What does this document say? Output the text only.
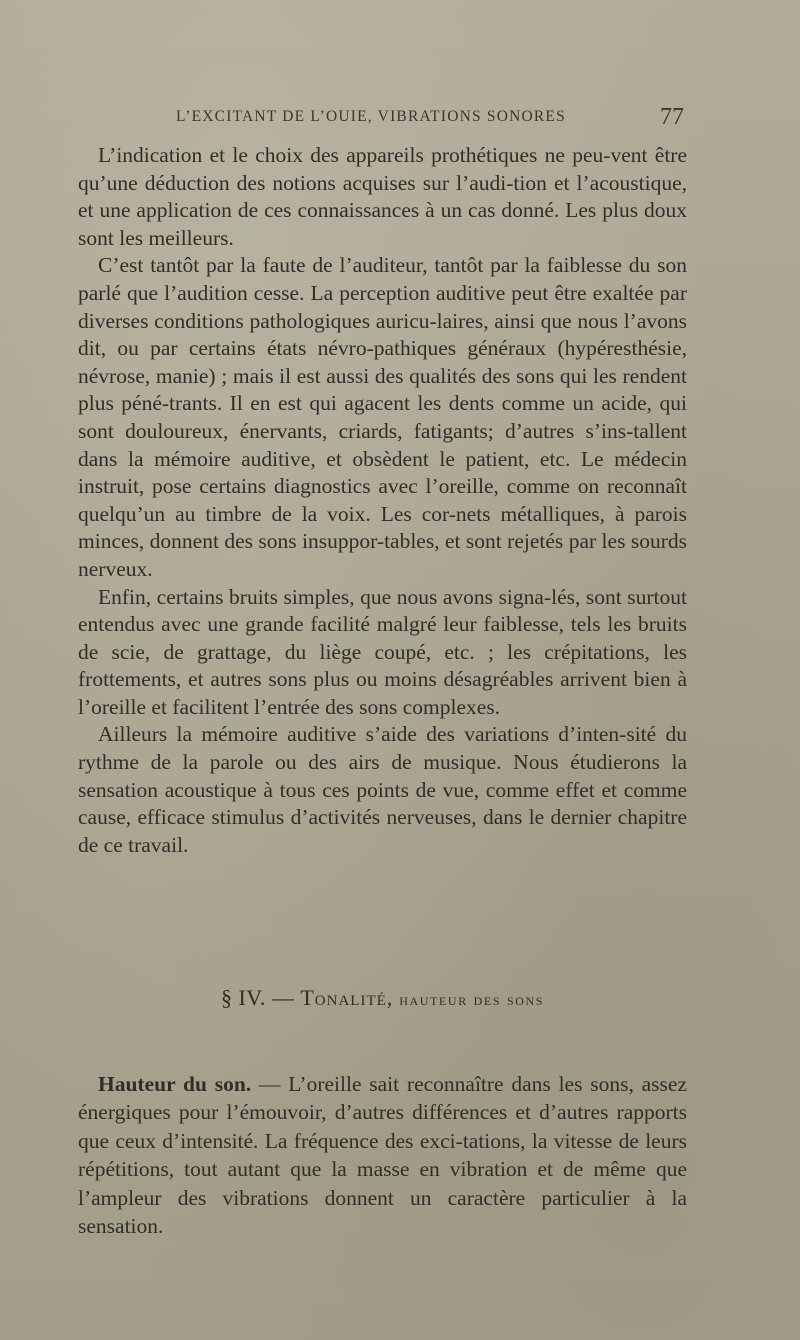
L’EXCITANT DE L’OUIE, VIBRATIONS SONORES	77

L’indication et le choix des appareils prothétiques ne peu-vent être qu’une déduction des notions acquises sur l’audi-tion et l’acoustique, et une application de ces connaissances à un cas donné. Les plus doux sont les meilleurs.

C’est tantôt par la faute de l’auditeur, tantôt par la faiblesse du son parlé que l’audition cesse. La perception auditive peut être exaltée par diverses conditions pathologiques auricu-laires, ainsi que nous l’avons dit, ou par certains états névro-pathiques généraux (hypéresthésie, névrose, manie) ; mais il est aussi des qualités des sons qui les rendent plus péné-trants. Il en est qui agacent les dents comme un acide, qui sont douloureux, énervants, criards, fatigants; d’autres s’ins-tallent dans la mémoire auditive, et obsèdent le patient, etc. Le médecin instruit, pose certains diagnostics avec l’oreille, comme on reconnaît quelqu’un au timbre de la voix. Les cor-nets métalliques, à parois minces, donnent des sons insuppor-tables, et sont rejetés par les sourds nerveux.

Enfin, certains bruits simples, que nous avons signa-lés, sont surtout entendus avec une grande facilité malgré leur faiblesse, tels les bruits de scie, de grattage, du liège coupé, etc. ; les crépitations, les frottements, et autres sons plus ou moins désagréables arrivent bien à l’oreille et facilitent l’entrée des sons complexes.

Ailleurs la mémoire auditive s’aide des variations d’inten-sité du rythme de la parole ou des airs de musique. Nous étudierons la sensation acoustique à tous ces points de vue, comme effet et comme cause, efficace stimulus d’activités nerveuses, dans le dernier chapitre de ce travail.

§ IV. — Tonalité, hauteur des sons

Hauteur du son. — L’oreille sait reconnaître dans les sons, assez énergiques pour l’émouvoir, d’autres différences et d’autres rapports que ceux d’intensité. La fréquence des exci-tations, la vitesse de leurs répétitions, tout autant que la masse en vibration et de même que l’ampleur des vibrations donnent un caractère particulier à la sensation.
